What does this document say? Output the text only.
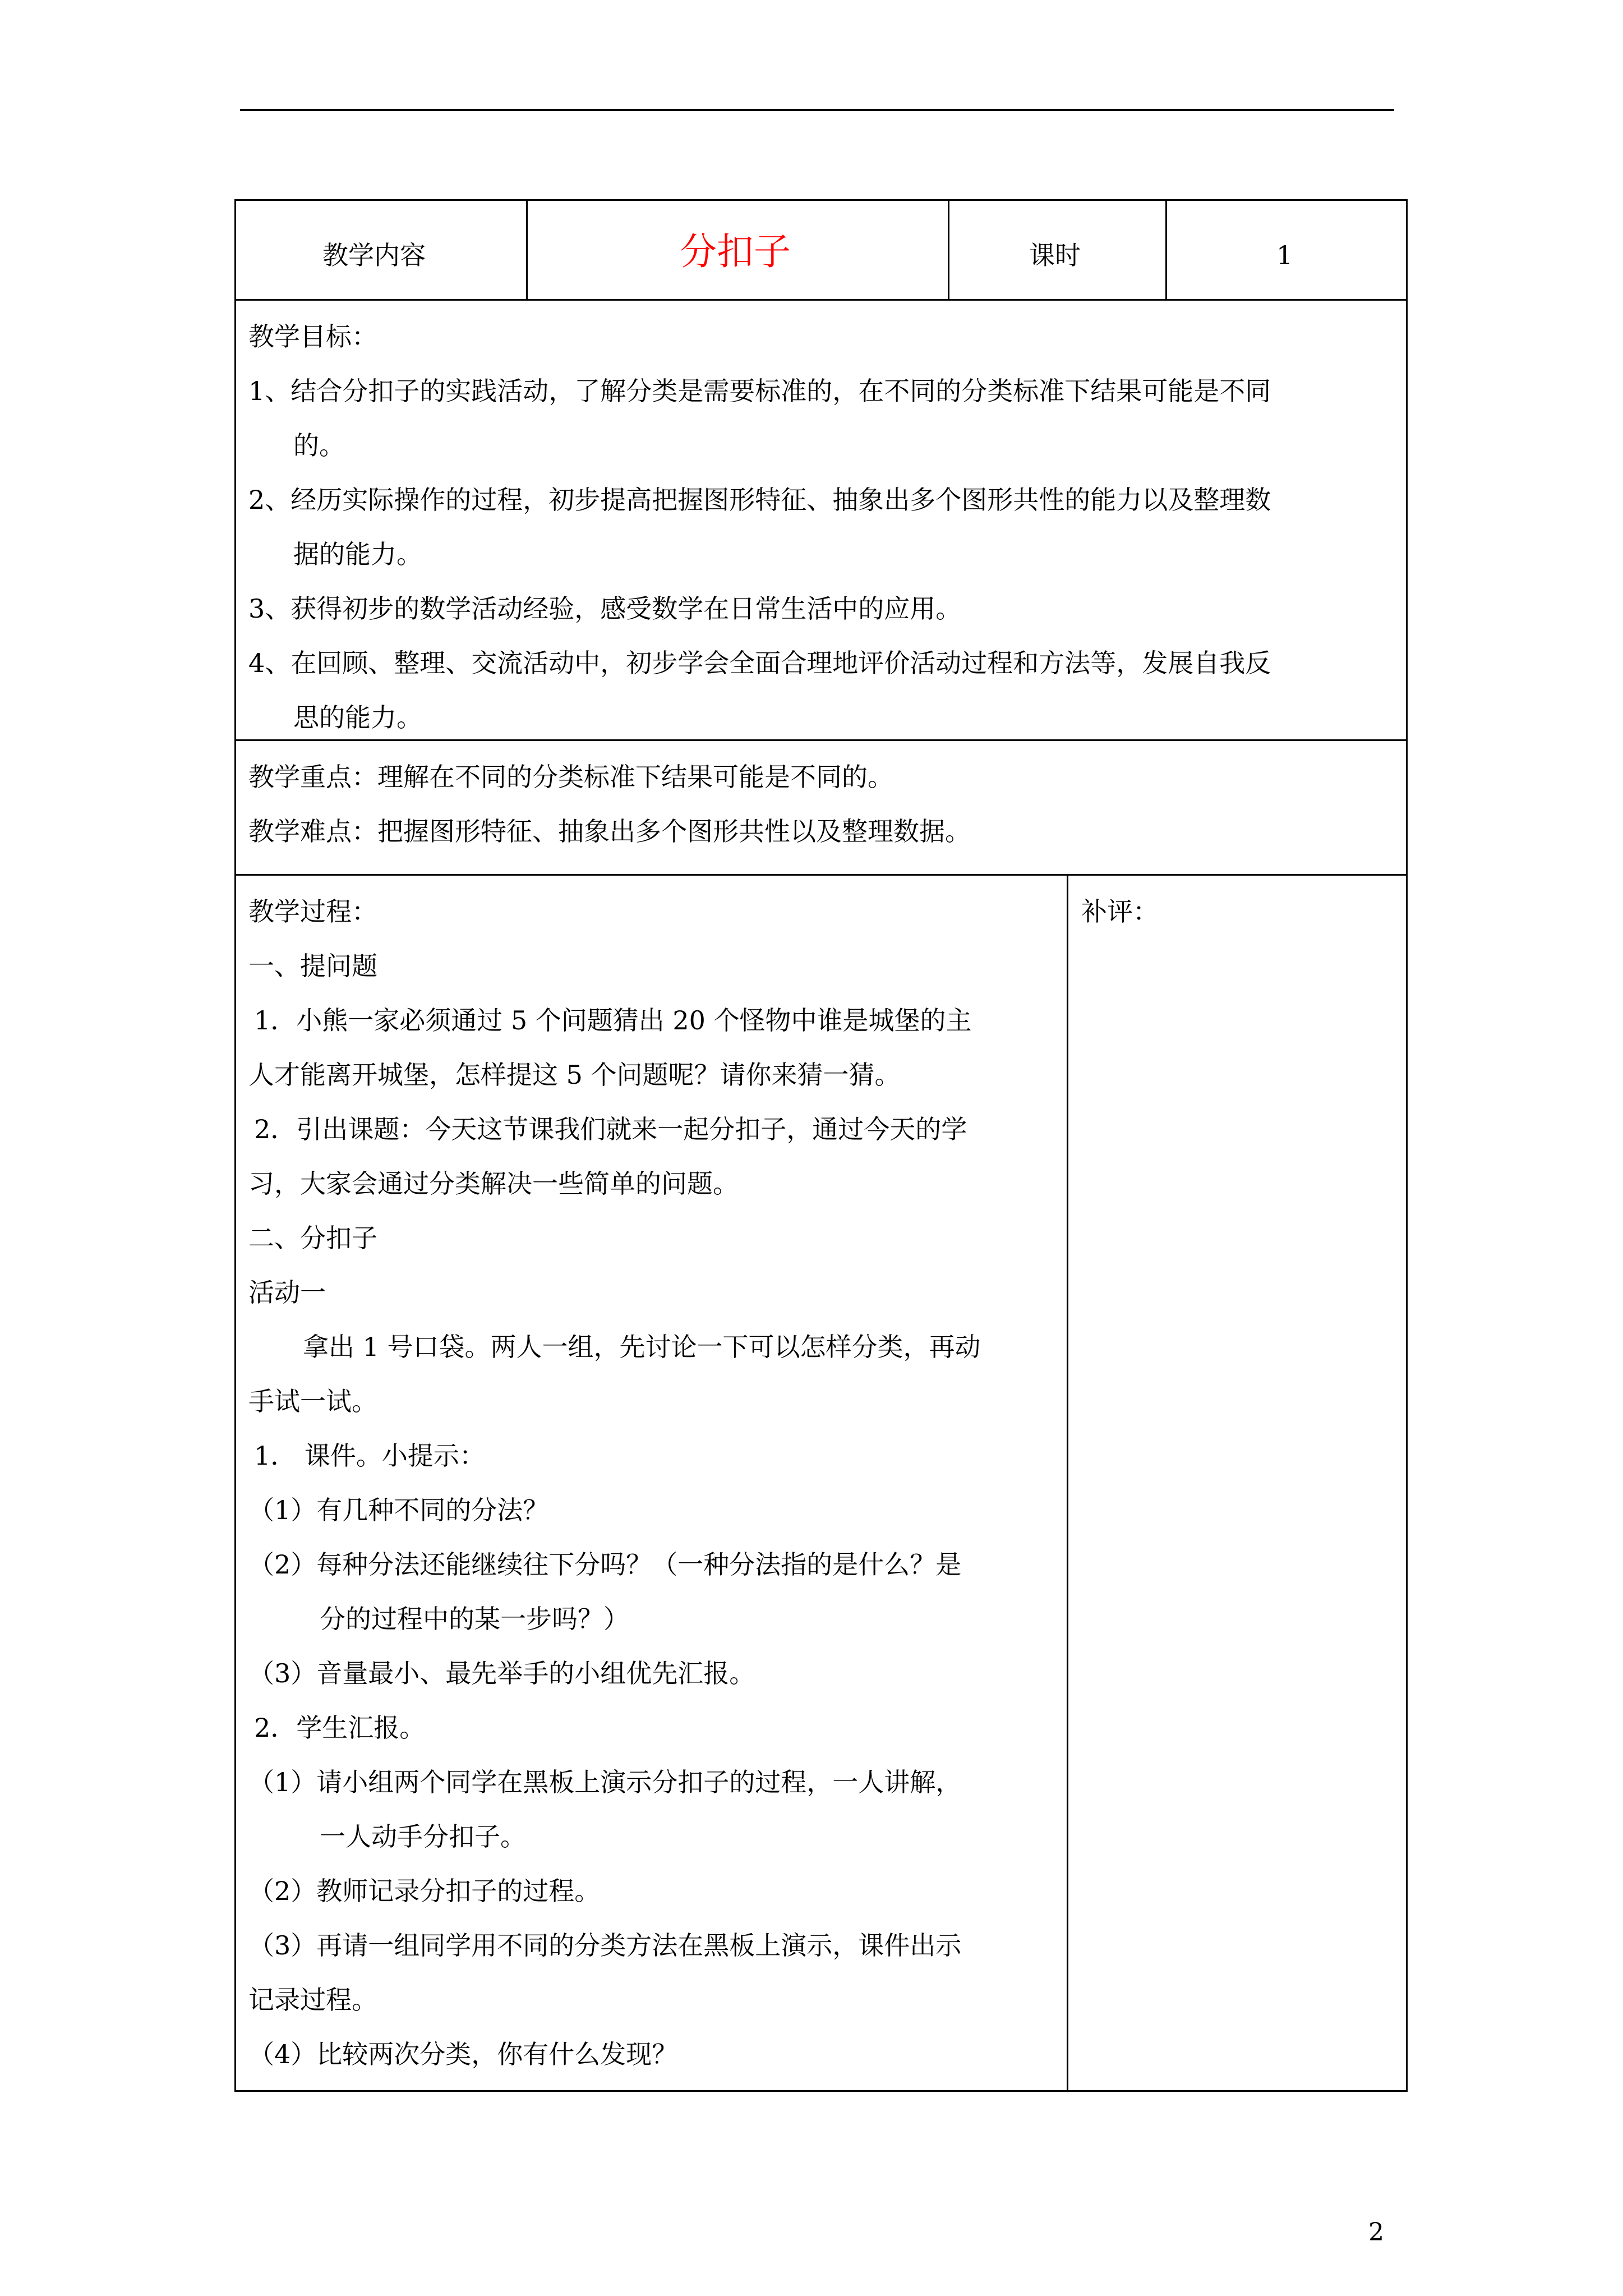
教学内容	分扣子	课时	1
教学目标：
1、结合分扣子的实践活动，了解分类是需要标准的，在不同的分类标准下结果可能是不同
的。
2、经历实际操作的过程，初步提高把握图形特征、抽象出多个图形共性的能力以及整理数
据的能力。
3、获得初步的数学活动经验，感受数学在日常生活中的应用。
4、在回顾、整理、交流活动中，初步学会全面合理地评价活动过程和方法等，发展自我反
思的能力。
教学重点：理解在不同的分类标准下结果可能是不同的。
教学难点：把握图形特征、抽象出多个图形共性以及整理数据。
教学过程：	补评：
一、提问题
1．小熊一家必须通过 5 个问题猜出 20 个怪物中谁是城堡的主
人才能离开城堡，怎样提这 5 个问题呢？请你来猜一猜。
2．引出课题：今天这节课我们就来一起分扣子，通过今天的学
习，大家会通过分类解决一些简单的问题。
二、分扣子
活动一
拿出 1 号口袋。两人一组，先讨论一下可以怎样分类，再动
手试一试。
1． 课件。小提示：
（1）有几种不同的分法？
（2）每种分法还能继续往下分吗？（一种分法指的是什么？是
分的过程中的某一步吗？）
（3）音量最小、最先举手的小组优先汇报。
2．学生汇报。
（1）请小组两个同学在黑板上演示分扣子的过程，一人讲解，
一人动手分扣子。
（2）教师记录分扣子的过程。
（3）再请一组同学用不同的分类方法在黑板上演示，课件出示
记录过程。
（4）比较两次分类，你有什么发现？
2
